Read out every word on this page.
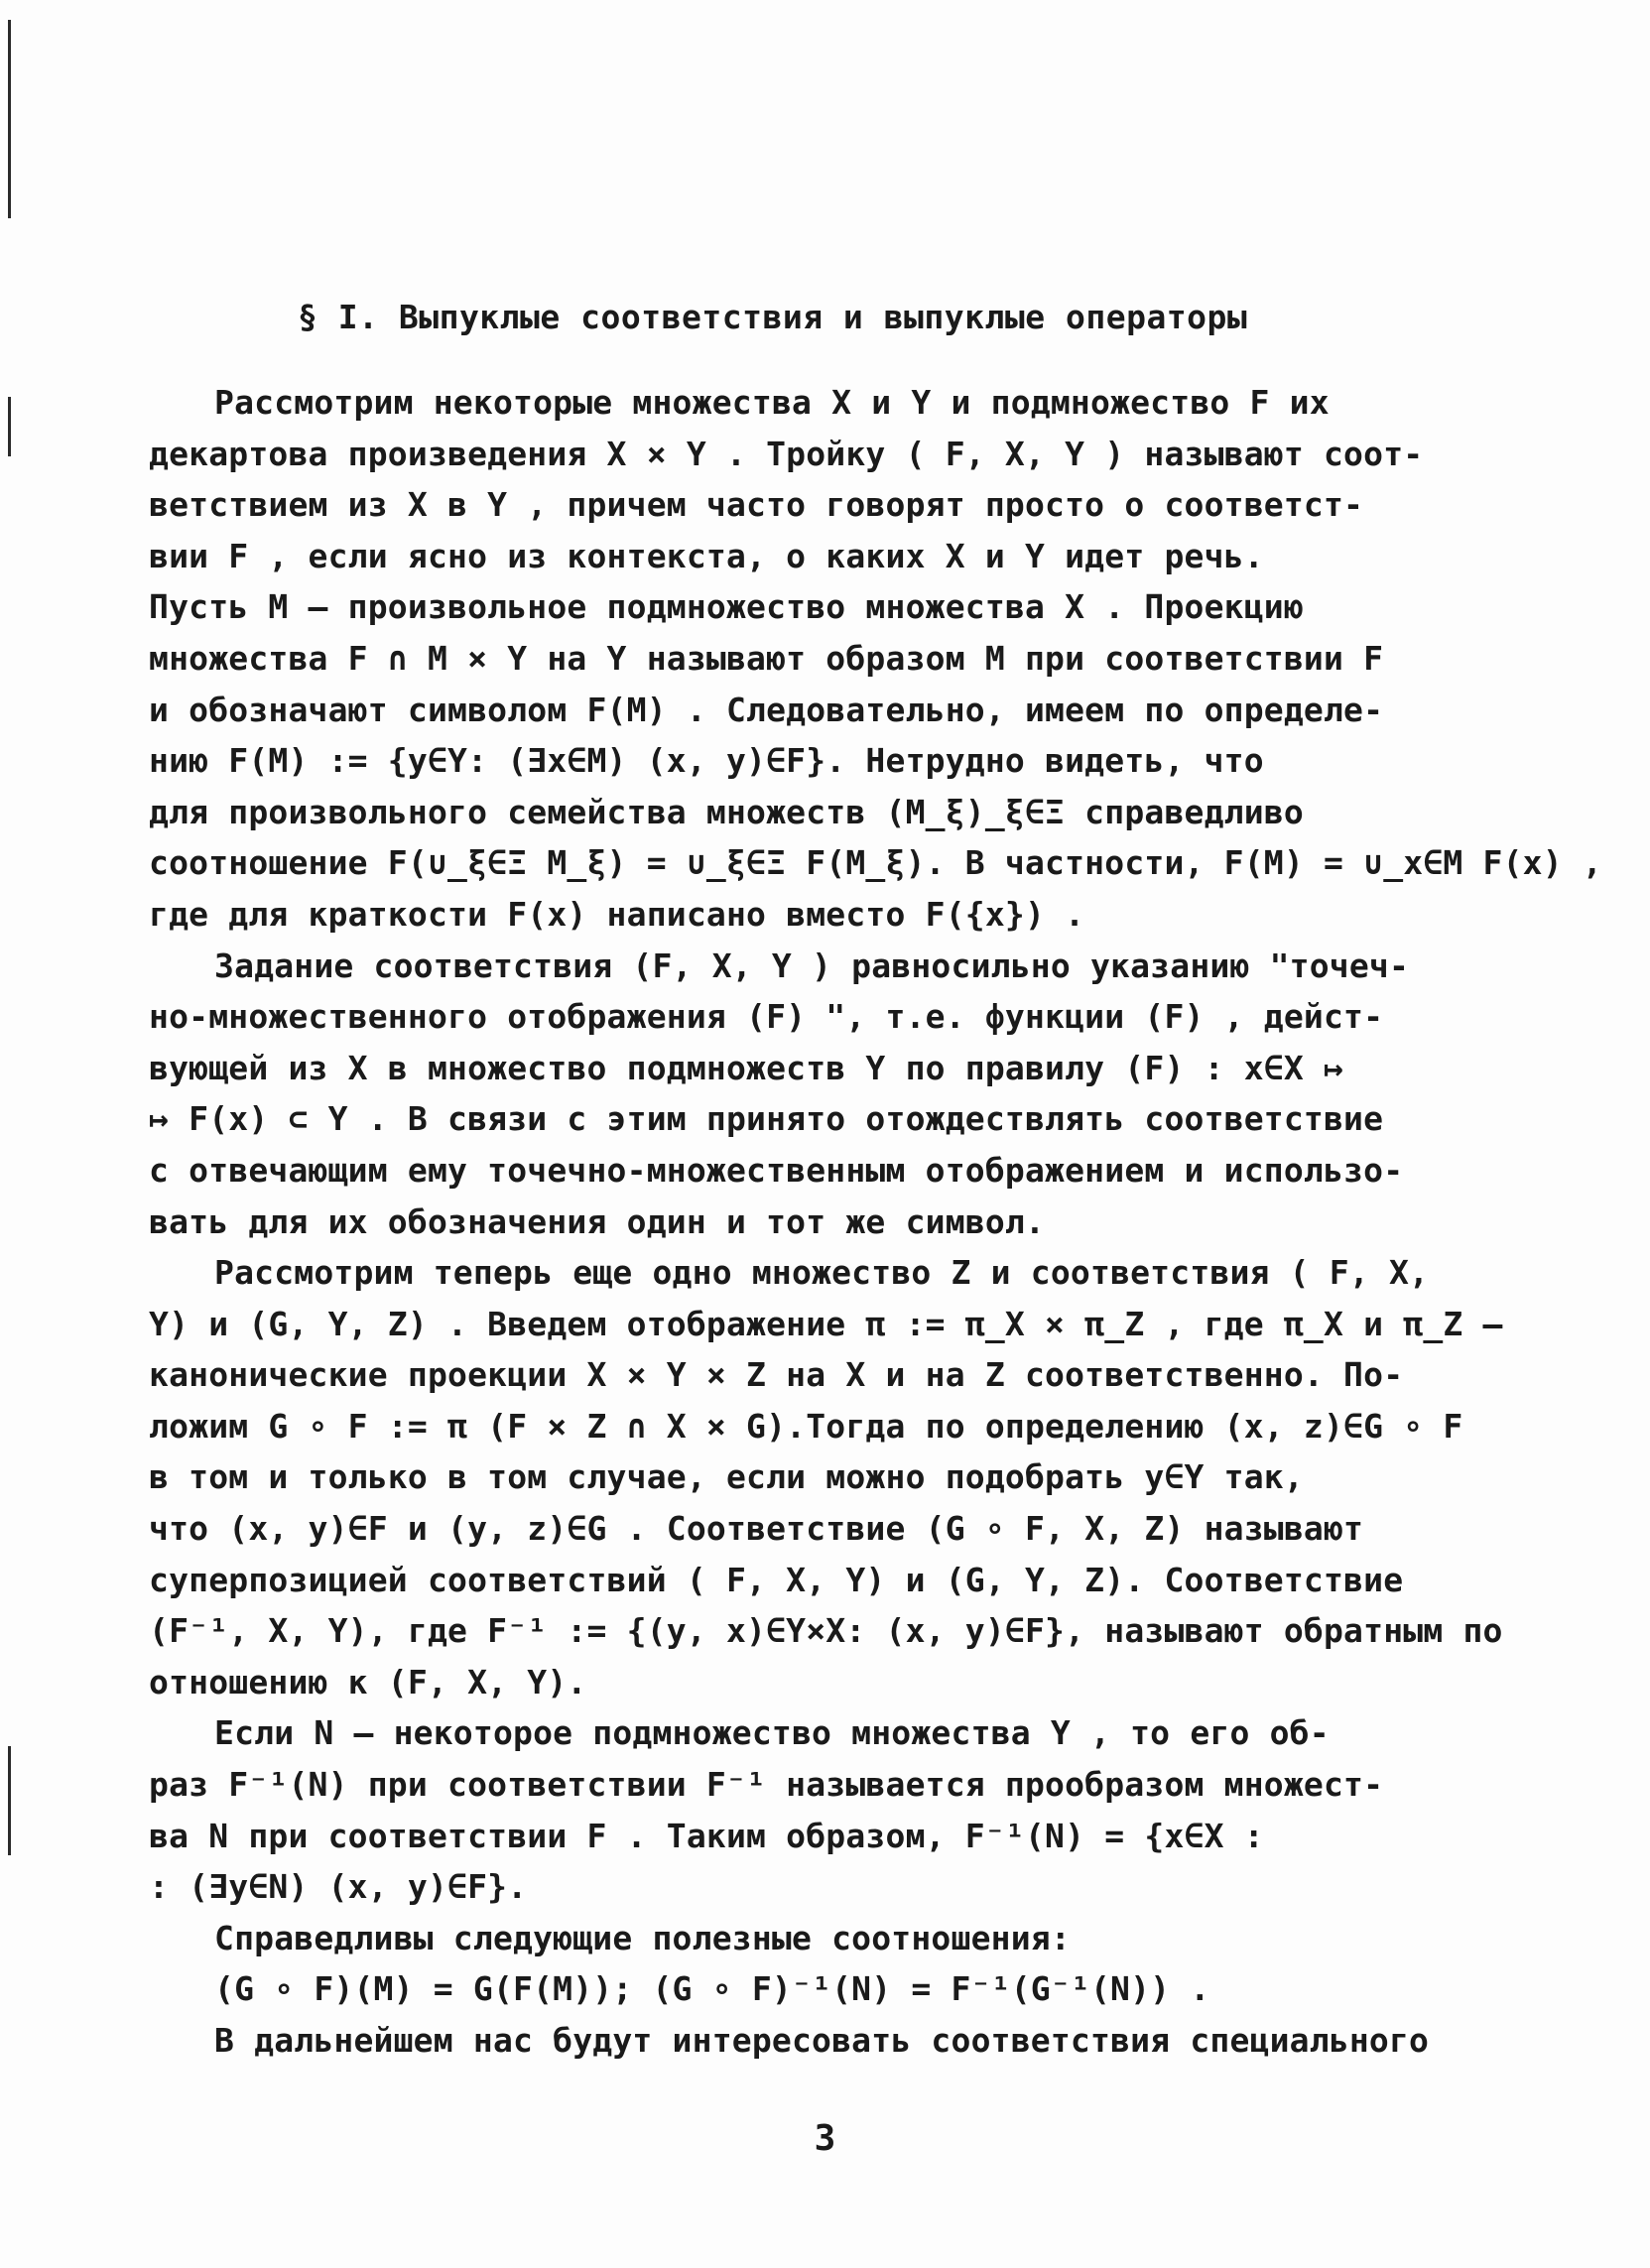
§ I. Выпуклые соответствия и выпуклые операторы
Рассмотрим некоторые множества X и Y и подмножество F их
декартова произведения X × Y . Тройку ( F, X, Y ) называют соот-
ветствием из X в Y , причем часто говорят просто о соответст-
вии F , если ясно из контекста, о каких X и Y идет речь.
Пусть M – произвольное подмножество множества X . Проекцию
множества F ∩ M × Y на Y называют образом M при соответствии F
и обозначают символом F(M) . Следовательно, имеем по определе-
нию F(M) := {y∈Y: (∃x∈M) (x, y)∈F}. Нетрудно видеть, что
для произвольного семейства множеств (M_ξ)_ξ∈Ξ справедливо
соотношение F(∪_ξ∈Ξ M_ξ) = ∪_ξ∈Ξ F(M_ξ). В частности, F(M) = ∪_x∈M F(x) ,
где для краткости F(x) написано вместо F({x}) .
Задание соответствия (F, X, Y ) равносильно указанию "точеч-
но-множественного отображения (F) ", т.е. функции (F) , дейст-
вующей из X в множество подмножеств Y по правилу (F) : x∈X ↦
↦ F(x) ⊂ Y . В связи с этим принято отождествлять соответствие
с отвечающим ему точечно-множественным отображением и использо-
вать для их обозначения один и тот же символ.
Рассмотрим теперь еще одно множество Z и соответствия ( F, X,
Y) и (G, Y, Z) . Введем отображение π := π_X × π_Z , где π_X и π_Z –
канонические проекции X × Y × Z на X и на Z соответственно. По-
ложим G ∘ F := π (F × Z ∩ X × G).Тогда по определению (x, z)∈G ∘ F
в том и только в том случае, если можно подобрать y∈Y так,
что (x, y)∈F и (y, z)∈G . Соответствие (G ∘ F, X, Z) называют
суперпозицией соответствий ( F, X, Y) и (G, Y, Z). Соответствие
(F⁻¹, X, Y), где F⁻¹ := {(y, x)∈Y×X: (x, y)∈F}, называют обратным по
отношению к (F, X, Y).
Если N – некоторое подмножество множества Y , то его об-
раз F⁻¹(N) при соответствии F⁻¹ называется прообразом множест-
ва N при соответствии F . Таким образом, F⁻¹(N) = {x∈X :
: (∃y∈N) (x, y)∈F}.
Справедливы следующие полезные соотношения:
(G ∘ F)(M) = G(F(M)); (G ∘ F)⁻¹(N) = F⁻¹(G⁻¹(N)) .
В дальнейшем нас будут интересовать соответствия специального
3
